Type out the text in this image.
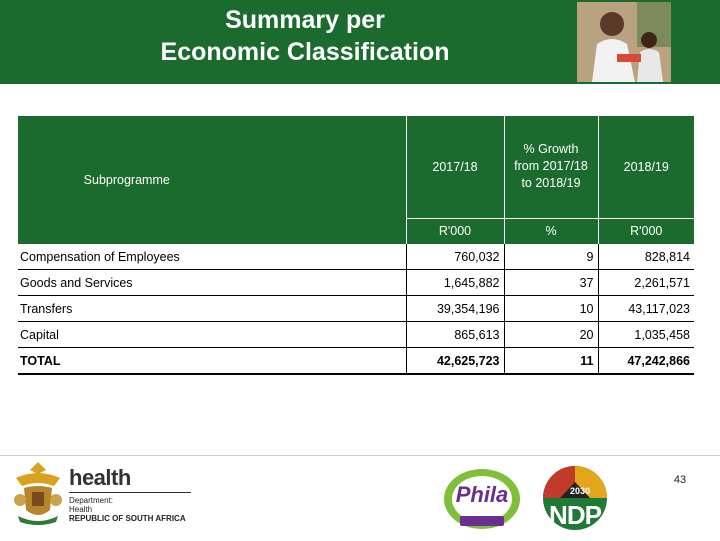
Summary per
Economic Classification
Subprogramme	2017/18	% Growth
from 2017/18
to 2018/19	2018/19
	R'000	%	R'000
Compensation of Employees	760,032	9	828,814
Goods and Services	1,645,882	37	2,261,571
Transfers	39,354,196	10	43,117,023
Capital	865,613	20	1,035,458
TOTAL	42,625,723	11	47,242,866
health
Department:
Health
REPUBLIC OF SOUTH AFRICA
Phila	2030
NDP
43
